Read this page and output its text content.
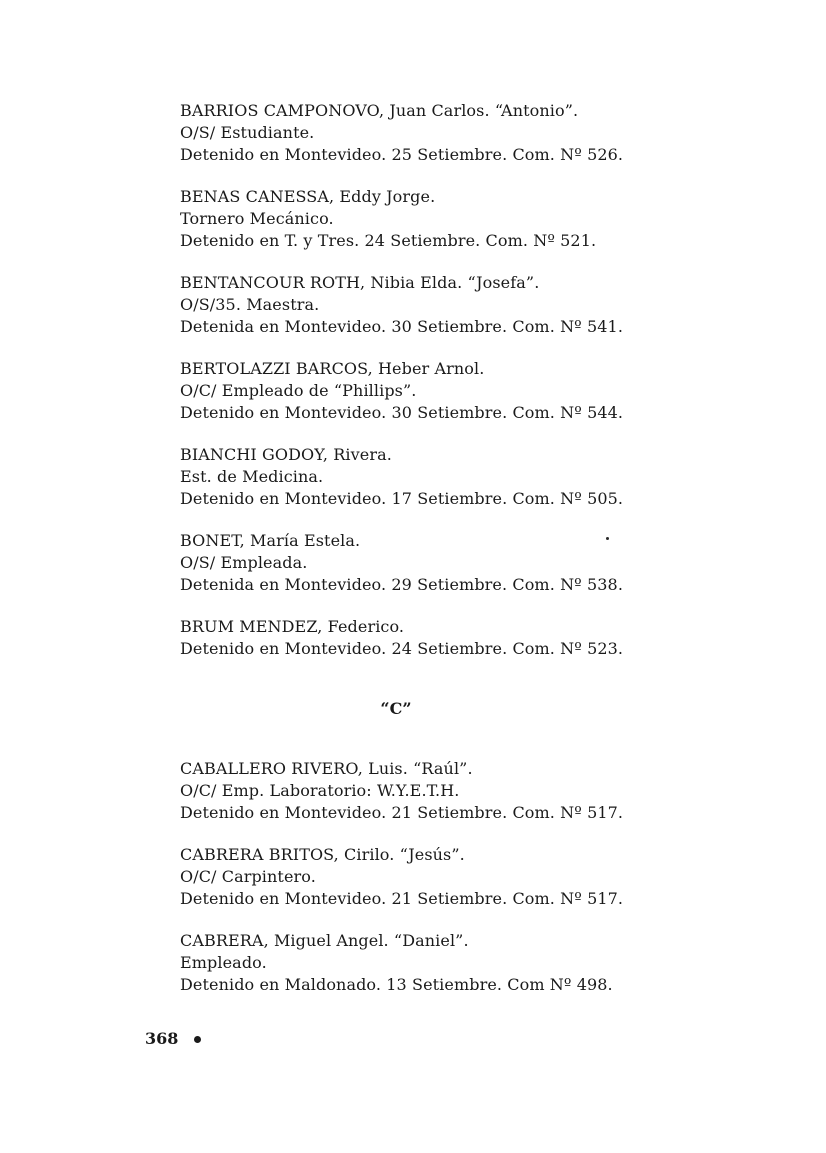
BARRIOS CAMPONOVO, Juan Carlos. “Antonio”.
O/S/ Estudiante.
Detenido en Montevideo. 25 Setiembre. Com. Nº 526.
BENAS CANESSA, Eddy Jorge.
Tornero Mecánico.
Detenido en T. y Tres. 24 Setiembre. Com. Nº 521.
BENTANCOUR ROTH, Nibia Elda. “Josefa”.
O/S/35. Maestra.
Detenida en Montevideo. 30 Setiembre. Com. Nº 541.
BERTOLAZZI BARCOS, Heber Arnol.
O/C/ Empleado de “Phillips”.
Detenido en Montevideo. 30 Setiembre. Com. Nº 544.
BIANCHI GODOY, Rivera.
Est. de Medicina.
Detenido en Montevideo. 17 Setiembre. Com. Nº 505.
BONET, María Estela.
O/S/ Empleada.
Detenida en Montevideo. 29 Setiembre. Com. Nº 538.
BRUM MENDEZ, Federico.
Detenido en Montevideo. 24 Setiembre. Com. Nº 523.
“C”
CABALLERO RIVERO, Luis. “Raúl”.
O/C/ Emp. Laboratorio: W.Y.E.T.H.
Detenido en Montevideo. 21 Setiembre. Com. Nº 517.
CABRERA BRITOS, Cirilo. “Jesús”.
O/C/ Carpintero.
Detenido en Montevideo. 21 Setiembre. Com. Nº 517.
CABRERA, Miguel Angel. “Daniel”.
Empleado.
Detenido en Maldonado. 13 Setiembre. Com Nº 498.
368
